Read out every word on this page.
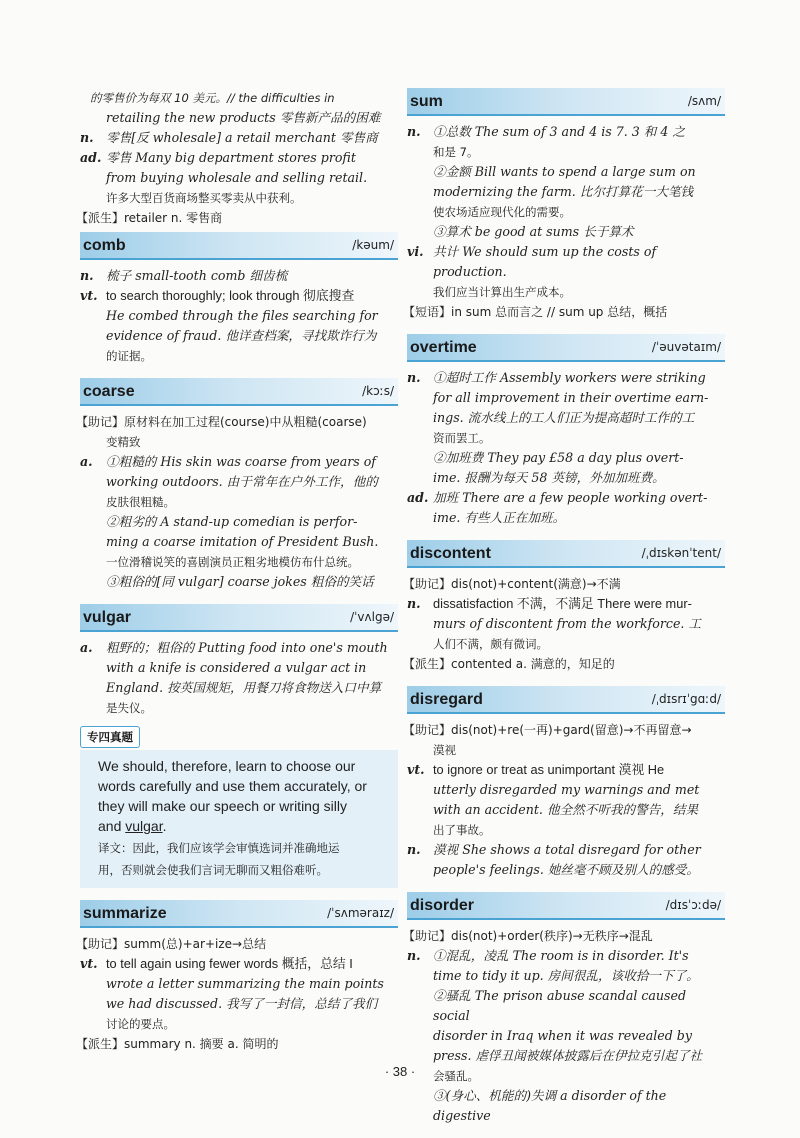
的零售价为每双 10 美元。// the difficulties in
retailing the new products 零售新产品的困难
n. 零售[反 wholesale] a retail merchant 零售商
ad. 零售 Many big department stores profit
from buying wholesale and selling retail.
许多大型百货商场整买零卖从中获利。
【派生】retailer n. 零售商
comb	/kəum/
n. 梳子 small-tooth comb 细齿梳
vt. to search thoroughly; look through 彻底搜查
He combed through the files searching for
evidence of fraud. 他详查档案，寻找欺诈行为
的证据。
coarse	/kɔːs/
【助记】原材料在加工过程(course)中从粗糙(coarse)
变精致
a. ①粗糙的 His skin was coarse from years of
working outdoors. 由于常年在户外工作，他的
皮肤很粗糙。
②粗劣的 A stand-up comedian is perfor-
ming a coarse imitation of President Bush.
一位滑稽说笑的喜剧演员正粗劣地模仿布什总统。
③粗俗的[同 vulgar] coarse jokes 粗俗的笑话
vulgar	/ˈvʌlgə/
a. 粗野的；粗俗的 Putting food into one's mouth
with a knife is considered a vulgar act in
England. 按英国规矩，用餐刀将食物送入口中算
是失仪。
专四真题
We should, therefore, learn to choose our
words carefully and use them accurately, or
they will make our speech or writing silly
and vulgar.
译文：因此，我们应该学会审慎选词并准确地运
用，否则就会使我们言词无聊而又粗俗难听。
summarize	/ˈsʌməraɪz/
【助记】summ(总)+ar+ize→总结
vt. to tell again using fewer words 概括，总结 I
wrote a letter summarizing the main points
we had discussed. 我写了一封信，总结了我们
讨论的要点。
【派生】summary n. 摘要 a. 简明的
sum	/sʌm/
n. ①总数 The sum of 3 and 4 is 7. 3 和 4 之
和是 7。
②金额 Bill wants to spend a large sum on
modernizing the farm. 比尔打算花一大笔钱
使农场适应现代化的需要。
③算术 be good at sums 长于算术
vi. 共计 We should sum up the costs of production.
我们应当计算出生产成本。
【短语】in sum 总而言之 // sum up 总结，概括
overtime	/ˈəuvətaɪm/
n. ①超时工作 Assembly workers were striking
for all improvement in their overtime earn-
ings. 流水线上的工人们正为提高超时工作的工
资而罢工。
②加班费 They pay £58 a day plus overt-
ime. 报酬为每天 58 英镑，外加加班费。
ad. 加班 There are a few people working overt-
ime. 有些人正在加班。
discontent	/ˌdɪskənˈtent/
【助记】dis(not)+content(满意)→不满
n. dissatisfaction 不满，不满足 There were mur-
murs of discontent from the workforce. 工
人们不满，颇有微词。
【派生】contented a. 满意的，知足的
disregard	/ˌdɪsrɪˈgɑːd/
【助记】dis(not)+re(一再)+gard(留意)→不再留意→
漠视
vt. to ignore or treat as unimportant 漠视 He
utterly disregarded my warnings and met
with an accident. 他全然不听我的警告，结果
出了事故。
n. 漠视 She shows a total disregard for other
people's feelings. 她丝毫不顾及别人的感受。
disorder	/dɪsˈɔːdə/
【助记】dis(not)+order(秩序)→无秩序→混乱
n. ①混乱，凌乱 The room is in disorder. It's
time to tidy it up. 房间很乱，该收拾一下了。
②骚乱 The prison abuse scandal caused social
disorder in Iraq when it was revealed by
press. 虐俘丑闻被媒体披露后在伊拉克引起了社
会骚乱。
③(身心、机能的)失调 a disorder of the digestive
· 38 ·
